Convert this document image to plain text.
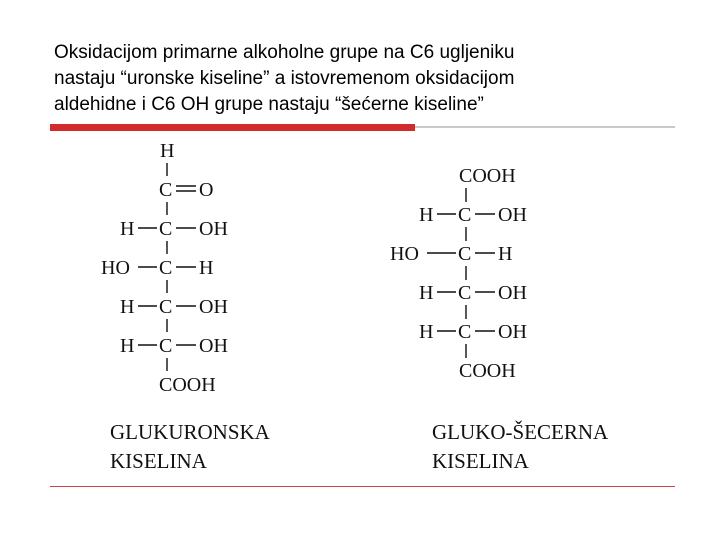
Oksidacijom primarne alkoholne grupe na C6 ugljeniku
nastaju “uronske kiseline” a istovremenom oksidacijom
aldehidne i C6 OH grupe nastaju “šećerne kiseline”
H
C O
H C OH
HO C H
H C OH
H C OH
COOH
COOH
H C OH
HO C H
H C OH
H C OH
COOH
GLUKURONSKA
KISELINA
GLUKO-ŠECERNA
KISELINA
